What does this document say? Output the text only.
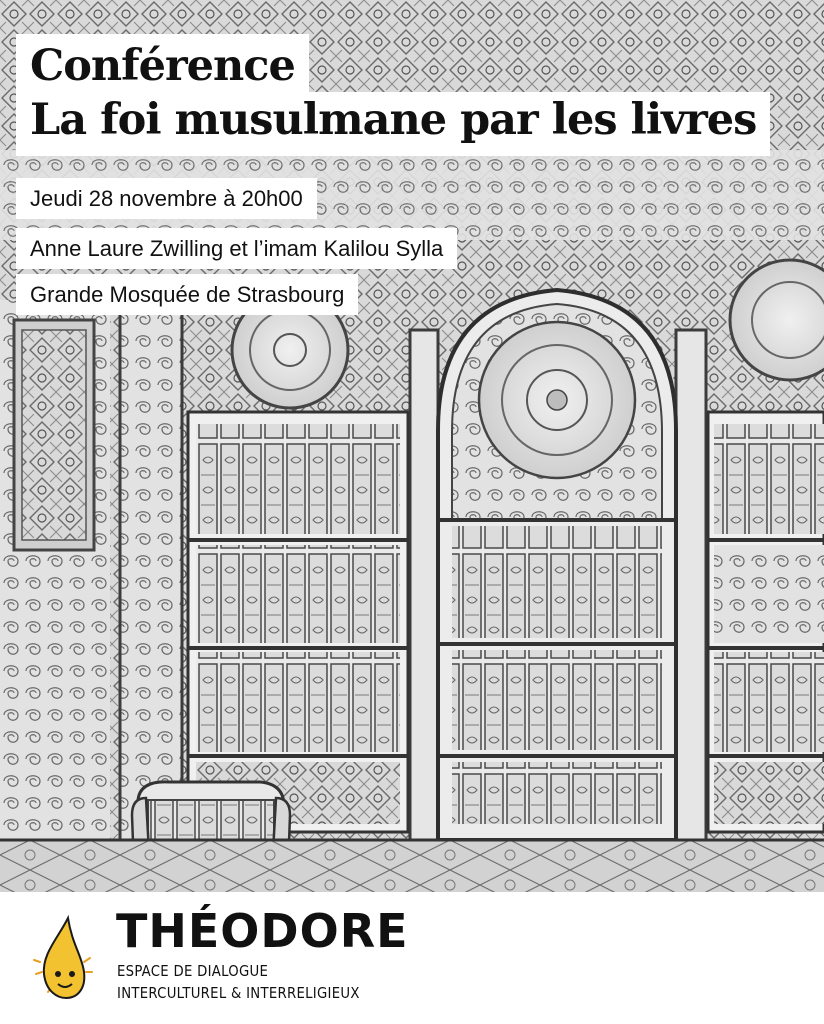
Conférence
La foi musulmane par les livres
Jeudi 28 novembre à 20h00
Anne Laure Zwilling et l’imam Kalilou Sylla
Grande Mosquée de Strasbourg
THÉODORE
ESPACE DE DIALOGUE
INTERCULTUREL & INTERRELIGIEUX
